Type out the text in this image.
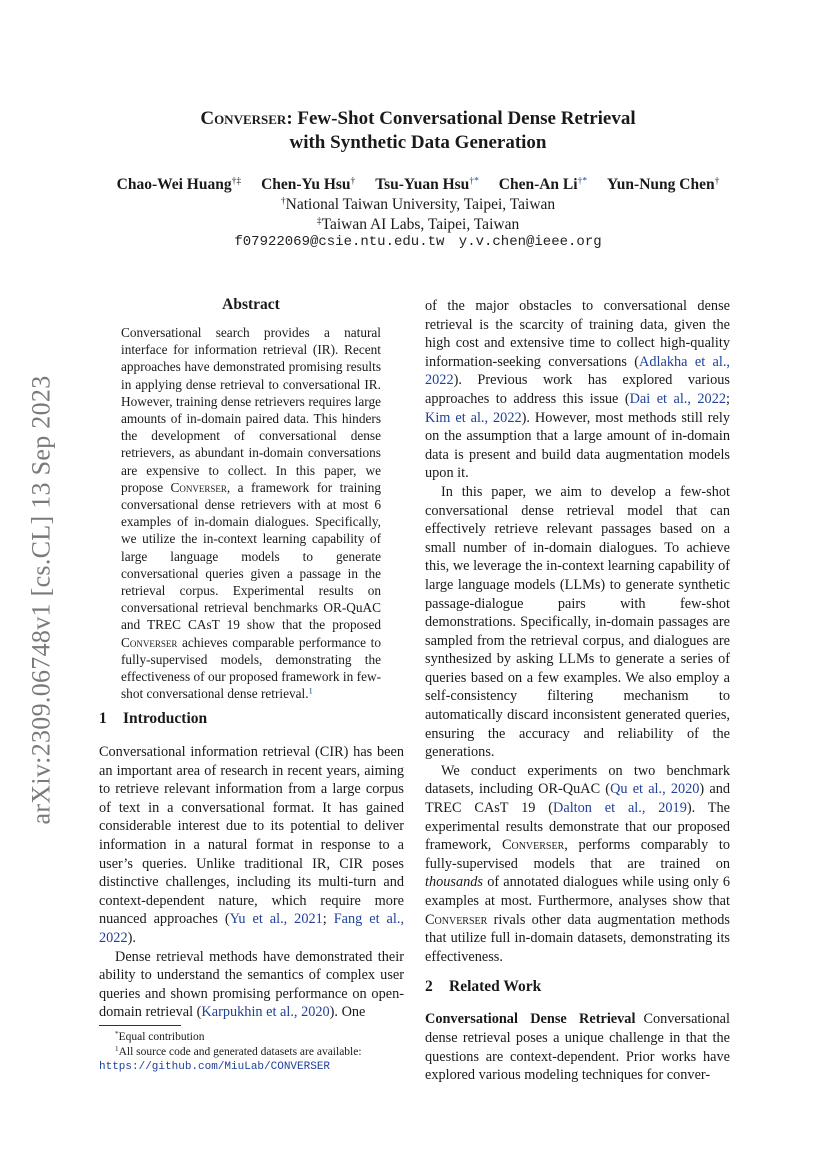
arXiv:2309.06748v1 [cs.CL] 13 Sep 2023
Converser: Few-Shot Conversational Dense Retrieval
with Synthetic Data Generation
Chao-Wei Huang†‡ Chen-Yu Hsu† Tsu-Yuan Hsu†* Chen-An Li†* Yun-Nung Chen†
†National Taiwan University, Taipei, Taiwan
‡Taiwan AI Labs, Taipei, Taiwan
f07922069@csie.ntu.edu.tw y.v.chen@ieee.org
Abstract

Conversational search provides a natural interface for information retrieval (IR). Recent approaches have demonstrated promising results in applying dense retrieval to conversational IR. However, training dense retrievers requires large amounts of in-domain paired data. This hinders the development of conversational dense retrievers, as abundant in-domain conversations are expensive to collect. In this paper, we propose Converser, a framework for training conversational dense retrievers with at most 6 examples of in-domain dialogues. Specifically, we utilize the in-context learning capability of large language models to generate conversational queries given a passage in the retrieval corpus. Experimental results on conversational retrieval benchmarks OR-QuAC and TREC CAsT 19 show that the proposed Converser achieves comparable performance to fully-supervised models, demonstrating the effectiveness of our proposed framework in few-shot conversational dense retrieval.$^1$

1 Introduction

Conversational information retrieval (CIR) has been an important area of research in recent years, aiming to retrieve relevant information from a large corpus of text in a conversational format. It has gained considerable interest due to its potential to deliver information in a natural format in response to a user’s queries. Unlike traditional IR, CIR poses distinctive challenges, including its multi-turn and context-dependent nature, which require more nuanced approaches (Yu et al., 2021; Fang et al., 2022).

Dense retrieval methods have demonstrated their ability to understand the semantics of complex user queries and shown promising performance on open-domain retrieval (Karpukhin et al., 2020). One

*Equal contribution
$^1$All source code and generated datasets are available:
https://github.com/MiuLab/CONVERSER

of the major obstacles to conversational dense retrieval is the scarcity of training data, given the high cost and extensive time to collect high-quality information-seeking conversations (Adlakha et al., 2022). Previous work has explored various approaches to address this issue (Dai et al., 2022; Kim et al., 2022). However, most methods still rely on the assumption that a large amount of in-domain data is present and build data augmentation models upon it.

In this paper, we aim to develop a few-shot conversational dense retrieval model that can effectively retrieve relevant passages based on a small number of in-domain dialogues. To achieve this, we leverage the in-context learning capability of large language models (LLMs) to generate synthetic passage-dialogue pairs with few-shot demonstrations. Specifically, in-domain passages are sampled from the retrieval corpus, and dialogues are synthesized by asking LLMs to generate a series of queries based on a few examples. We also employ a self-consistency filtering mechanism to automatically discard inconsistent generated queries, ensuring the accuracy and reliability of the generations.

We conduct experiments on two benchmark datasets, including OR-QuAC (Qu et al., 2020) and TREC CAsT 19 (Dalton et al., 2019). The experimental results demonstrate that our proposed framework, Converser, performs comparably to fully-supervised models that are trained on thousands of annotated dialogues while using only 6 examples at most. Furthermore, analyses show that Converser rivals other data augmentation methods that utilize full in-domain datasets, demonstrating its effectiveness.

2 Related Work

Conversational Dense Retrieval Conversational dense retrieval poses a unique challenge in that the questions are context-dependent. Prior works have explored various modeling techniques for conver-
